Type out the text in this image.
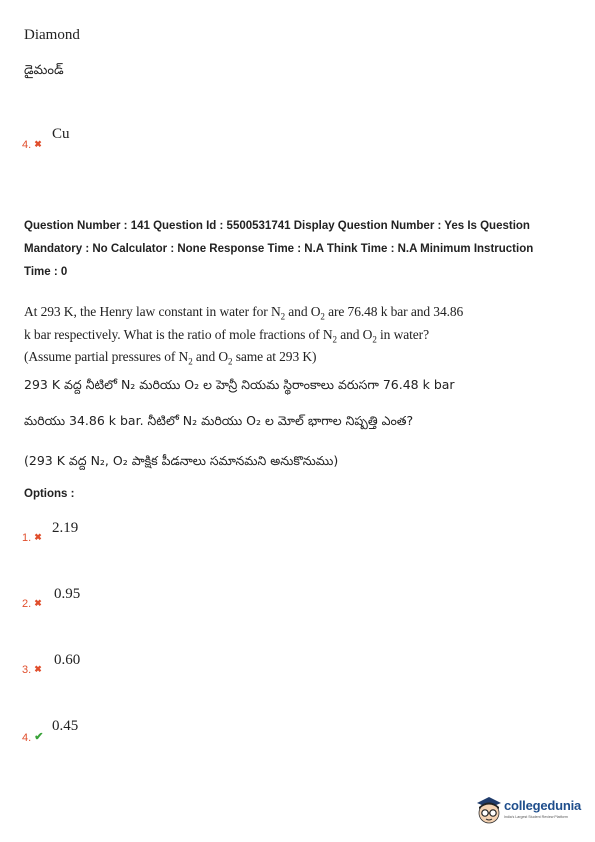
Diamond
డైమండ్
4. ✖
Cu
Question Number : 141 Question Id : 5500531741 Display Question Number : Yes Is Question
Mandatory : No Calculator : None Response Time : N.A Think Time : N.A Minimum Instruction
Time : 0
At 293 K, the Henry law constant in water for $N_2$ and $O_2$ are 76.48 k bar and 34.86
k bar respectively. What is the ratio of mole fractions of $N_2$ and $O_2$ in water?
(Assume partial pressures of $N_2$ and $O_2$ same at 293 K)
293 K వద్ద నీటిలో N₂ మరియు O₂ ల హెన్రీ నియమ స్థిరాంకాలు వరుసగా 76.48 k bar
మరియు 34.86 k bar. నీటిలో N₂ మరియు O₂ ల మోల్ భాగాల నిష్పత్తి ఎంత?
(293 K వద్ద N₂, O₂ పాక్షిక పీడనాలు సమానమని అనుకొనుము)
Options :
1. ✖
2.19
2. ✖
0.95
3. ✖
0.60
4. ✔
0.45
collegedunia
India's Largest Student Review Platform
